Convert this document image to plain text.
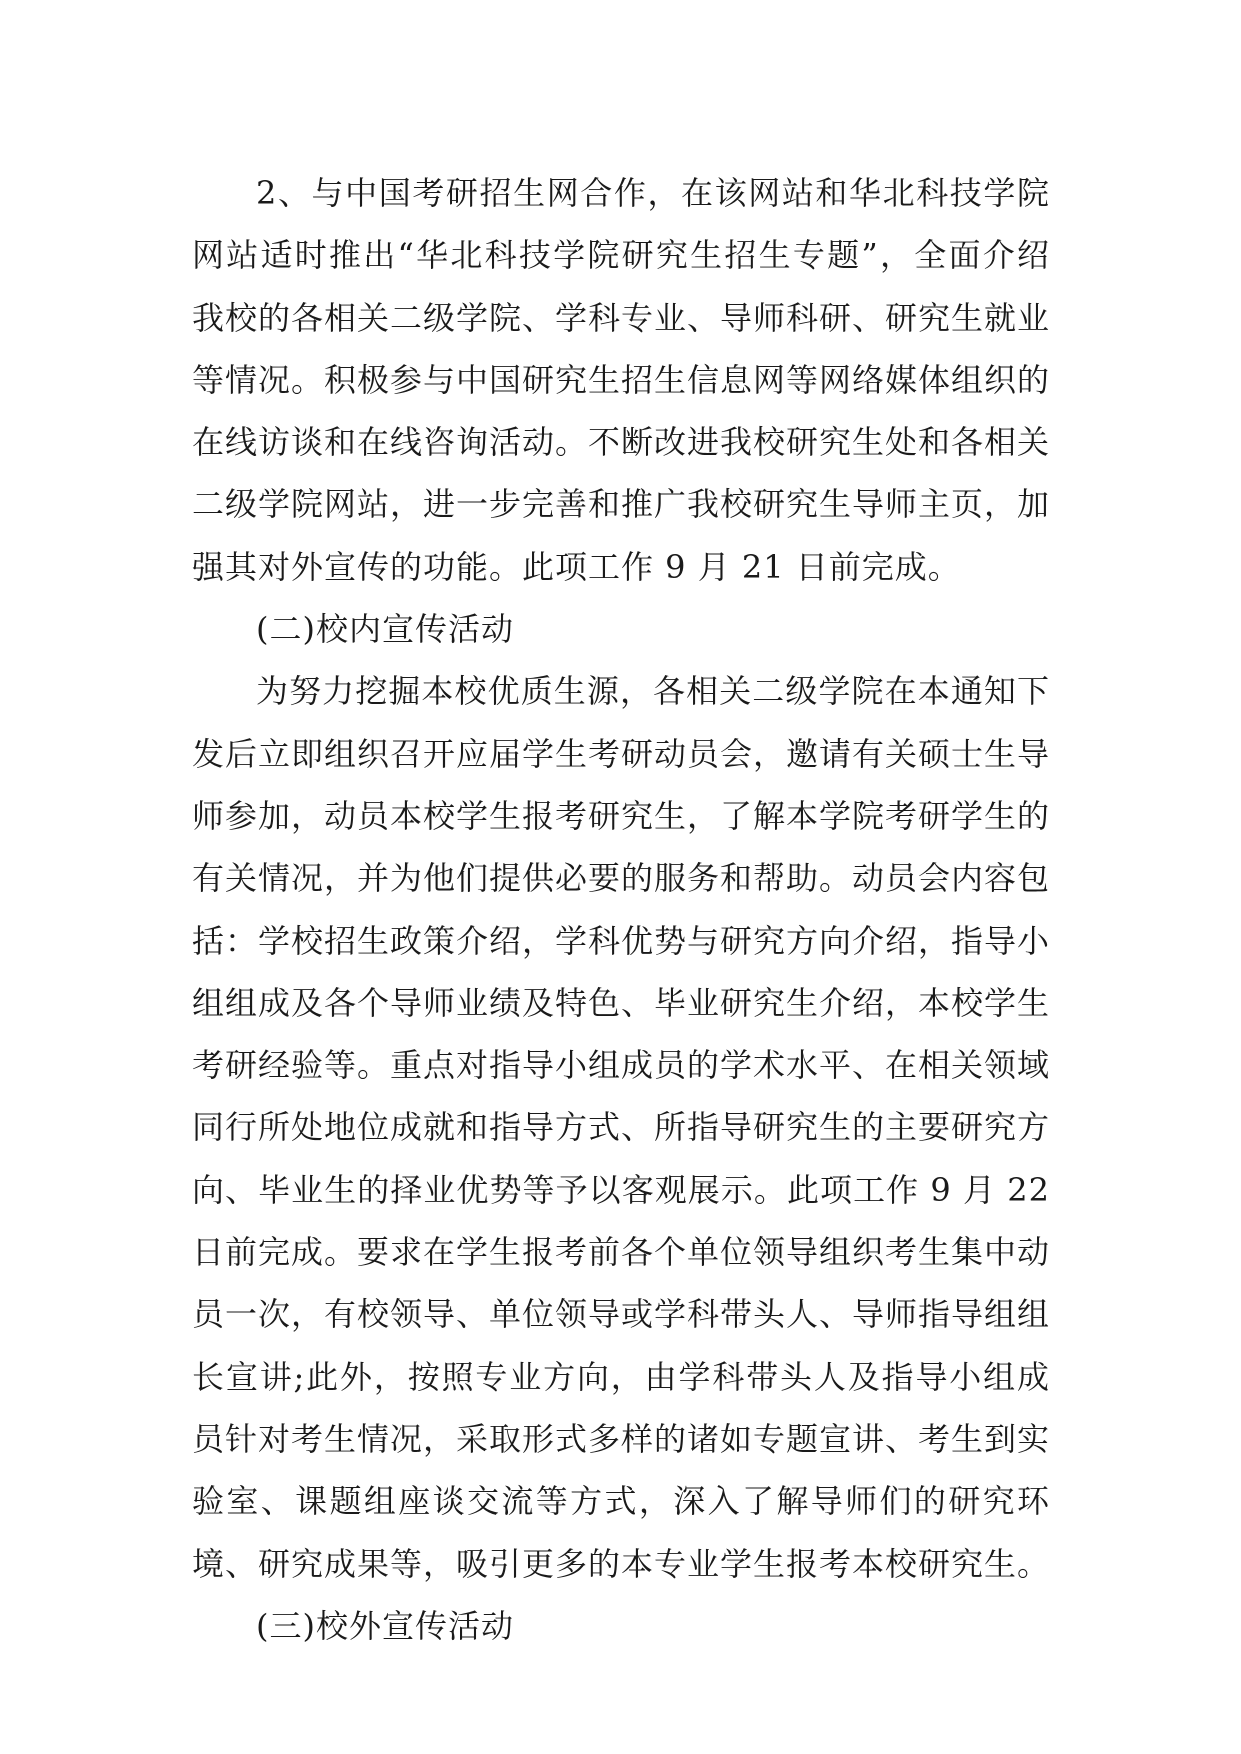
2、与中国考研招生网合作，在该网站和华北科技学院网站适时推出“华北科技学院研究生招生专题”，全面介绍我校的各相关二级学院、学科专业、导师科研、研究生就业等情况。积极参与中国研究生招生信息网等网络媒体组织的在线访谈和在线咨询活动。不断改进我校研究生处和各相关二级学院网站，进一步完善和推广我校研究生导师主页，加强其对外宣传的功能。此项工作 9 月 21 日前完成。

(二)校内宣传活动

为努力挖掘本校优质生源，各相关二级学院在本通知下发后立即组织召开应届学生考研动员会，邀请有关硕士生导师参加，动员本校学生报考研究生，了解本学院考研学生的有关情况，并为他们提供必要的服务和帮助。动员会内容包括：学校招生政策介绍，学科优势与研究方向介绍，指导小组组成及各个导师业绩及特色、毕业研究生介绍，本校学生考研经验等。重点对指导小组成员的学术水平、在相关领域同行所处地位成就和指导方式、所指导研究生的主要研究方向、毕业生的择业优势等予以客观展示。此项工作 9 月 22 日前完成。要求在学生报考前各个单位领导组织考生集中动员一次，有校领导、单位领导或学科带头人、导师指导组组长宣讲;此外，按照专业方向，由学科带头人及指导小组成员针对考生情况，采取形式多样的诸如专题宣讲、考生到实验室、课题组座谈交流等方式，深入了解导师们的研究环境、研究成果等，吸引更多的本专业学生报考本校研究生。

(三)校外宣传活动
